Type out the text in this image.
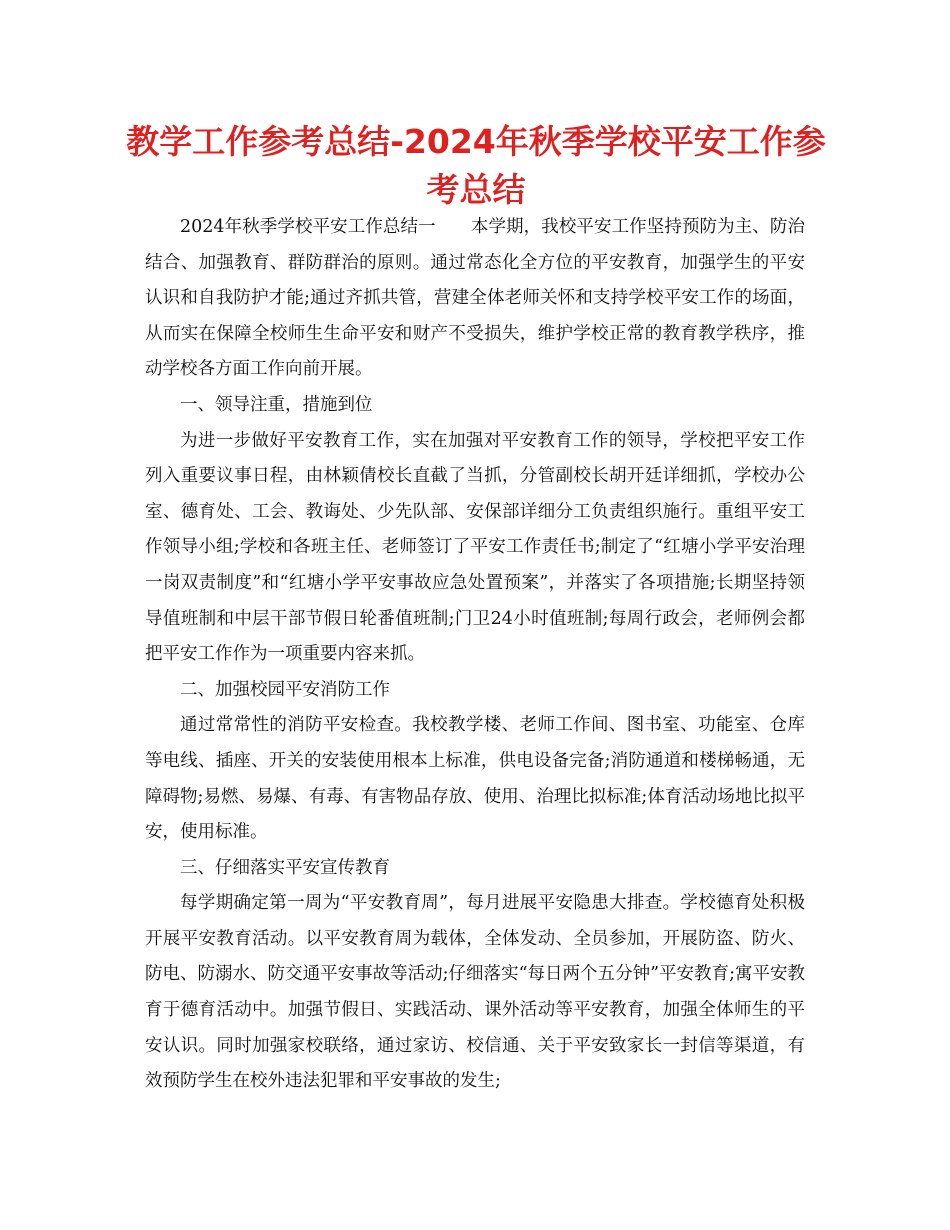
教学工作参考总结-2024年秋季学校平安工作参考总结

2024年秋季学校平安工作总结一　　本学期，我校平安工作坚持预防为主、防治结合、加强教育、群防群治的原则。通过常态化全方位的平安教育，加强学生的平安认识和自我防护才能;通过齐抓共管，营建全体老师关怀和支持学校平安工作的场面，从而实在保障全校师生生命平安和财产不受损失，维护学校正常的教育教学秩序，推动学校各方面工作向前开展。

一、领导注重，措施到位

为进一步做好平安教育工作，实在加强对平安教育工作的领导，学校把平安工作列入重要议事日程，由林颖倩校长直截了当抓，分管副校长胡开廷详细抓，学校办公室、德育处、工会、教诲处、少先队部、安保部详细分工负责组织施行。重组平安工作领导小组;学校和各班主任、老师签订了平安工作责任书;制定了“红塘小学平安治理一岗双责制度”和“红塘小学平安事故应急处置预案”，并落实了各项措施;长期坚持领导值班制和中层干部节假日轮番值班制;门卫24小时值班制;每周行政会，老师例会都把平安工作作为一项重要内容来抓。

二、加强校园平安消防工作

通过常常性的消防平安检查。我校教学楼、老师工作间、图书室、功能室、仓库等电线、插座、开关的安装使用根本上标准，供电设备完备;消防通道和楼梯畅通，无障碍物;易燃、易爆、有毒、有害物品存放、使用、治理比拟标准;体育活动场地比拟平安，使用标准。

三、仔细落实平安宣传教育

每学期确定第一周为“平安教育周”，每月进展平安隐患大排查。学校德育处积极开展平安教育活动。以平安教育周为载体，全体发动、全员参加，开展防盗、防火、防电、防溺水、防交通平安事故等活动;仔细落实“每日两个五分钟”平安教育;寓平安教育于德育活动中。加强节假日、实践活动、课外活动等平安教育，加强全体师生的平安认识。同时加强家校联络，通过家访、校信通、关于平安致家长一封信等渠道，有效预防学生在校外违法犯罪和平安事故的发生;
